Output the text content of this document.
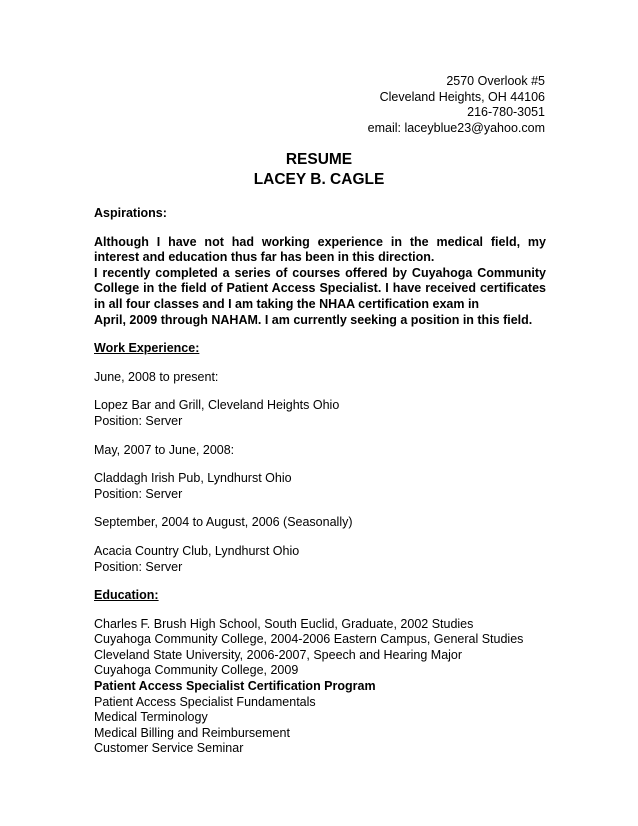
2570 Overlook #5
Cleveland Heights, OH 44106
216-780-3051
email: laceyblue23@yahoo.com
RESUME
LACEY B. CAGLE

Aspirations:

Although I have not had working experience in the medical field, my interest and education thus far has been in this direction.

I recently completed a series of courses offered by Cuyahoga Community College in the field of Patient Access Specialist. I have received certificates in all four classes and I am taking the NHAA certification exam in

April, 2009 through NAHAM. I am currently seeking a position in this field.

Work Experience:

June, 2008 to present:

Lopez Bar and Grill, Cleveland Heights Ohio

Position: Server

May, 2007 to June, 2008:

Claddagh Irish Pub, Lyndhurst Ohio

Position: Server

September, 2004 to August, 2006 (Seasonally)

Acacia Country Club, Lyndhurst Ohio

Position: Server

Education:

Charles F. Brush High School, South Euclid, Graduate, 2002 Studies

Cuyahoga Community College, 2004-2006 Eastern Campus, General Studies

Cleveland State University, 2006-2007, Speech and Hearing Major

Cuyahoga Community College, 2009

Patient Access Specialist Certification Program

Patient Access Specialist Fundamentals

Medical Terminology

Medical Billing and Reimbursement

Customer Service Seminar
